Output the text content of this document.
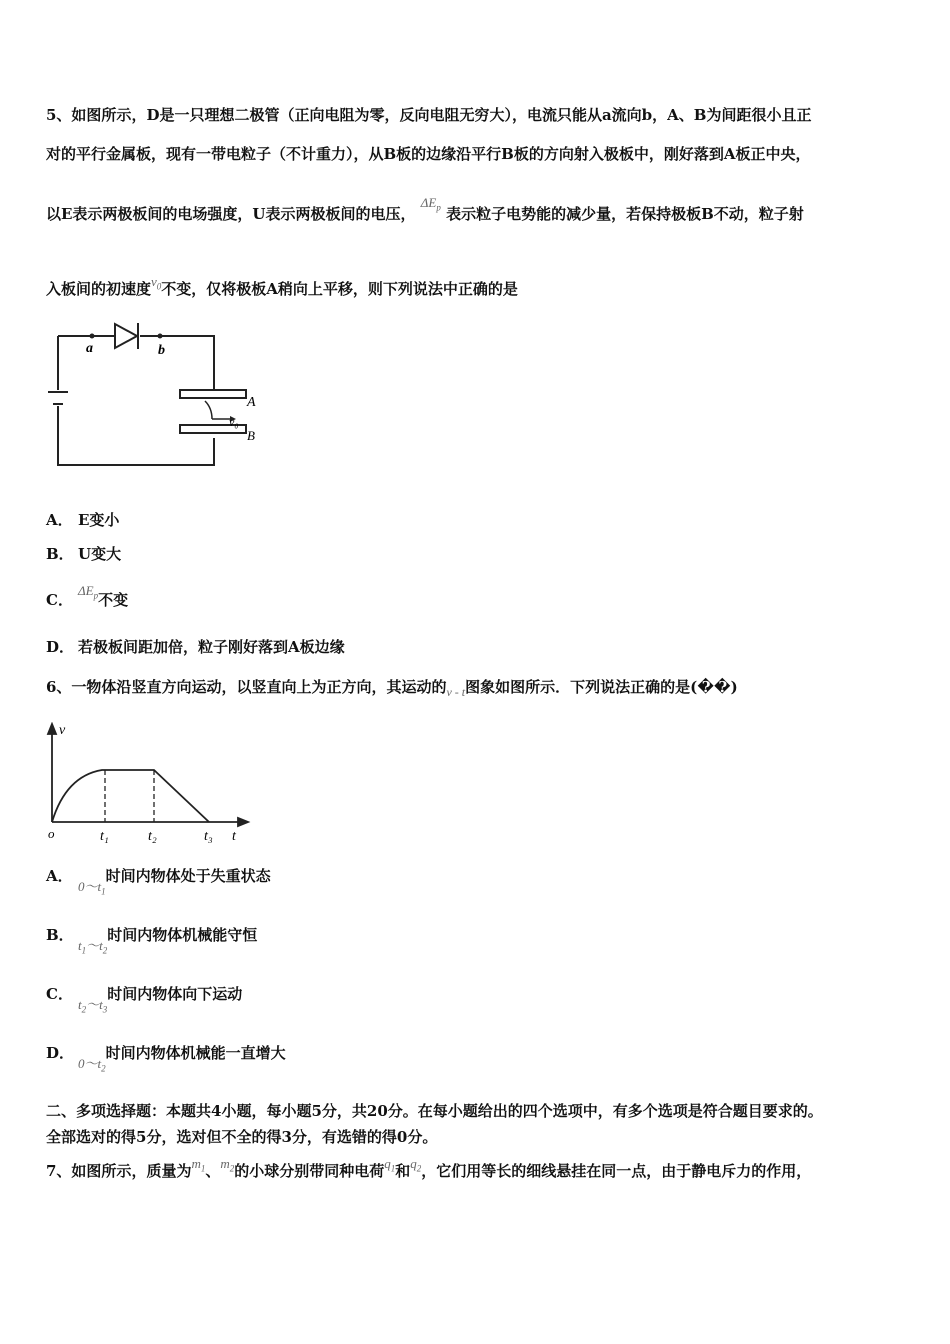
5、如图所示，D是一只理想二极管（正向电阻为零，反向电阻无穷大），电流只能从a流向b，A、B为间距很小且正
对的平行金属板，现有一带电粒子（不计重力），从B板的边缘沿平行B板的方向射入极板中，刚好落到A板正中央，
以E表示两极板间的电场强度，U表示两极板间的电压， $\Delta E_p$ 表示粒子电势能的减少量，若保持极板B不动，粒子射
入板间的初速度$v_0$不变，仅将极板A稍向上平移，则下列说法中正确的是
a	b
A
v₀
B
A． E变小
B． U变大
C．$\Delta E_p$不变
D． 若极板间距加倍，粒子刚好落到A板边缘
6、一物体沿竖直方向运动，以竖直向上为正方向，其运动的$_{v - t}$图象如图所示．下列说法正确的是(��)
v
o	t₁	t₂	t₃ t
A．$0\sim t_1$时间内物体处于失重状态
B．$t_1\sim t_2$时间内物体机械能守恒
C．$t_2\sim t_3$时间内物体向下运动
D．$0\sim t_2$时间内物体机械能一直增大
二、多项选择题：本题共4小题，每小题5分，共20分。在每小题给出的四个选项中，有多个选项是符合题目要求的。
全部选对的得5分，选对但不全的得3分，有选错的得0分。
7、如图所示，质量为$m_1$、$m_2$的小球分别带同种电荷$q_1$和$q_2$，它们用等长的细线悬挂在同一点，由于静电斥力的作用，
